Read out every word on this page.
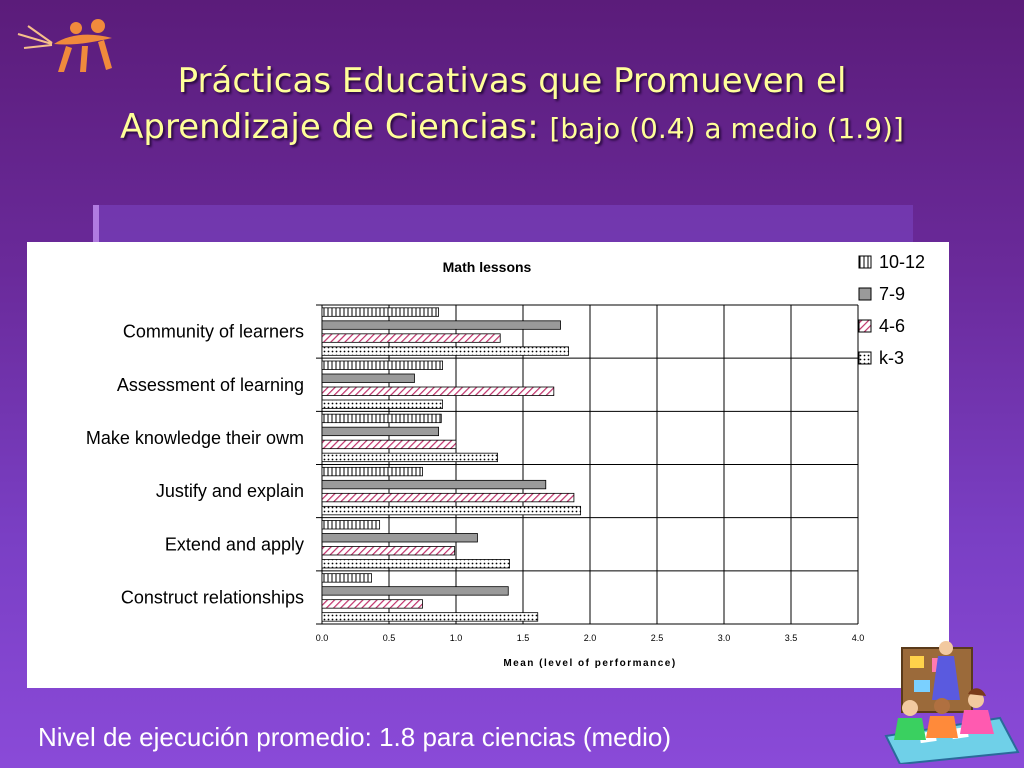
Prácticas Educativas que Promueven el
Aprendizaje de Ciencias: [bajo (0.4) a medio (1.9)]
Math lessons
0.0	0.5	1.0	1.5	2.0	2.5	3.0	3.5	4.0
Community of learners
Assessment of learning
Make knowledge their owm
Justify and explain
Extend and apply
Construct relationships
10-12
7-9
4-6
k-3
Mean (level of performance)
Nivel de ejecución promedio: 1.8 para ciencias (medio)
